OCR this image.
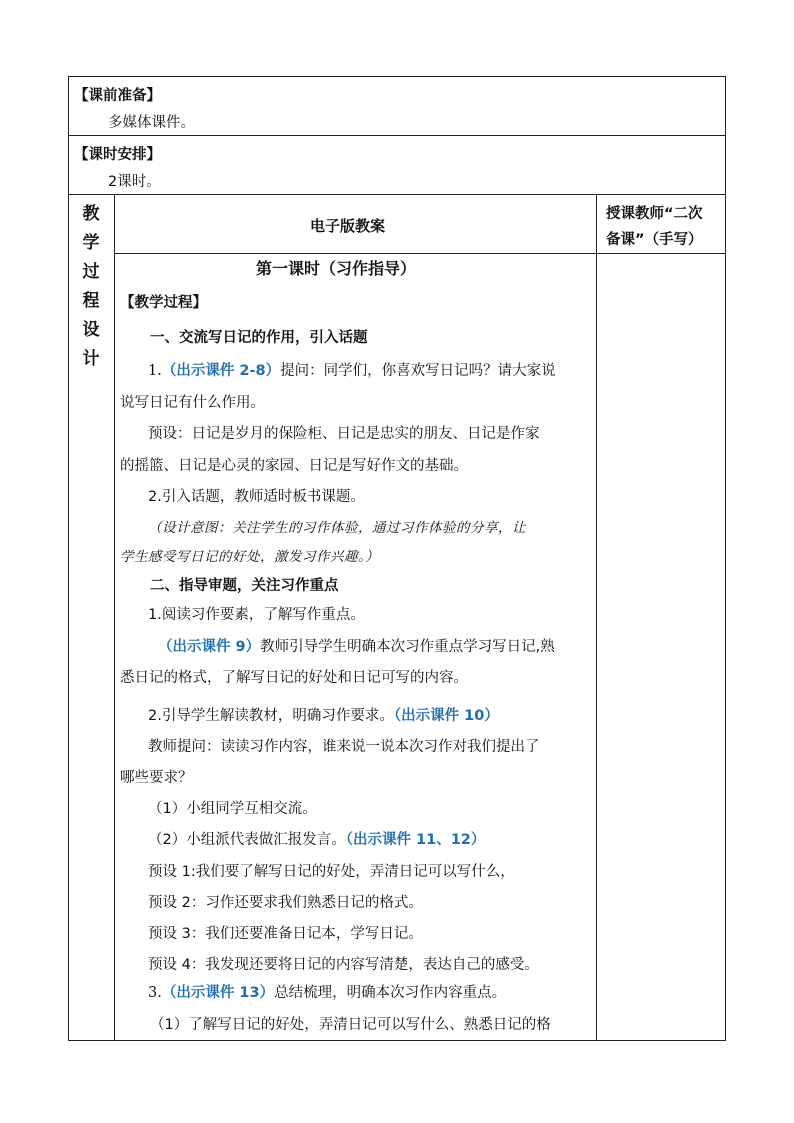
【课前准备】
多媒体课件。
【课时安排】
2课时。
教
学
过
程
设
计
电子版教案
授课教师“二次
备课”（手写）
第一课时（习作指导）
【教学过程】
一、交流写日记的作用，引入话题
1.（出示课件 2-8）提问：同学们，你喜欢写日记吗？请大家说
说写日记有什么作用。
预设：日记是岁月的保险柜、日记是忠实的朋友、日记是作家
的摇篮、日记是心灵的家园、日记是写好作文的基础。
2.引入话题，教师适时板书课题。
（设计意图：关注学生的习作体验，通过习作体验的分享，让
学生感受写日记的好处，激发习作兴趣。）
二、指导审题，关注习作重点
1.阅读习作要素，了解写作重点。
（出示课件 9）教师引导学生明确本次习作重点学习写日记,熟
悉日记的格式，了解写日记的好处和日记可写的内容。
2.引导学生解读教材，明确习作要求。（出示课件 10）
教师提问：读读习作内容，谁来说一说本次习作对我们提出了
哪些要求？
（1）小组同学互相交流。
（2）小组派代表做汇报发言。（出示课件 11、12）
预设 1:我们要了解写日记的好处，弄清日记可以写什么，
预设 2：习作还要求我们熟悉日记的格式。
预设 3：我们还要准备日记本，学写日记。
预设 4：我发现还要将日记的内容写清楚，表达自己的感受。
3.（出示课件 13）总结梳理，明确本次习作内容重点。
（1）了解写日记的好处，弄清日记可以写什么、熟悉日记的格
